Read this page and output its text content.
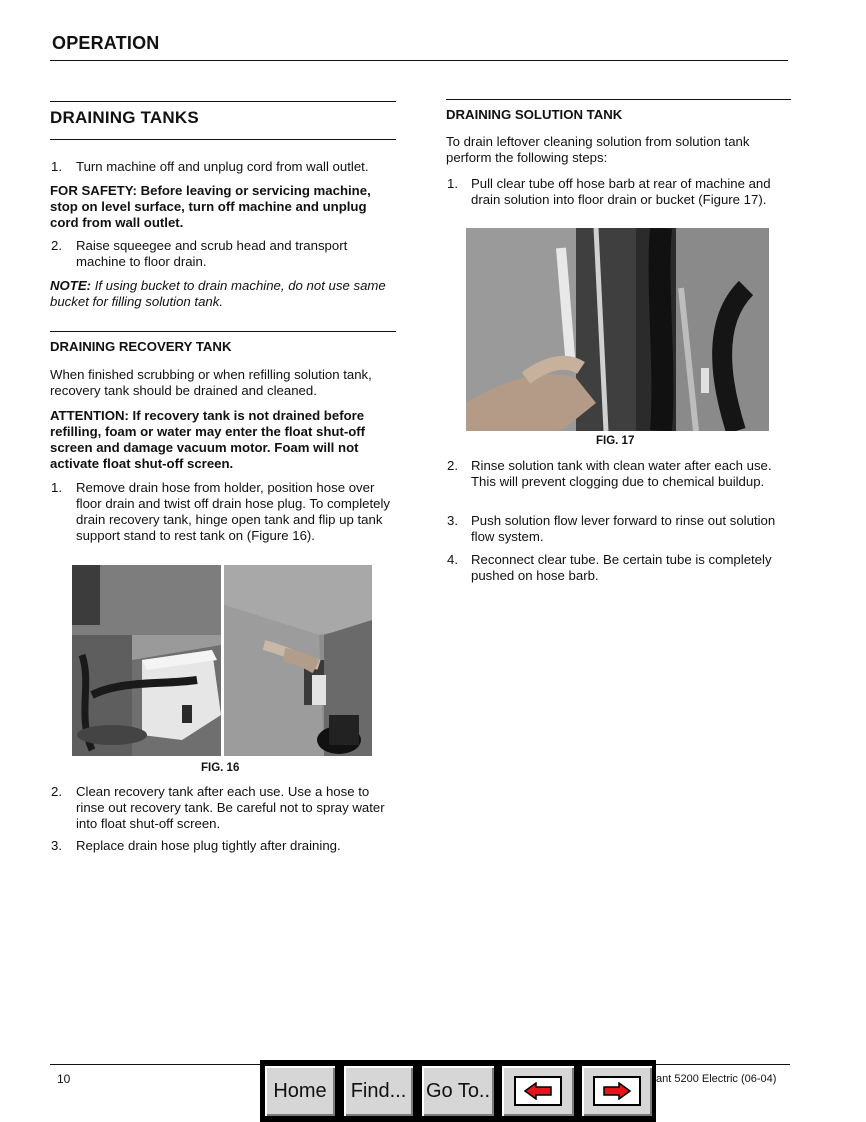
OPERATION
DRAINING TANKS
1. Turn machine off and unplug cord from wall outlet.
FOR SAFETY: Before leaving or servicing machine, stop on level surface, turn off machine and unplug cord from wall outlet.
2. Raise squeegee and scrub head and transport machine to floor drain.
NOTE: If using bucket to drain machine, do not use same bucket for filling solution tank.
DRAINING RECOVERY TANK
When finished scrubbing or when refilling solution tank, recovery tank should be drained and cleaned.
ATTENTION: If recovery tank is not drained before refilling, foam or water may enter the float shut-off screen and damage vacuum motor. Foam will not activate float shut-off screen.
1. Remove drain hose from holder, position hose over floor drain and twist off drain hose plug. To completely drain recovery tank, hinge open tank and flip up tank support stand to rest tank on (Figure 16).
FIG. 16
2. Clean recovery tank after each use. Use a hose to rinse out recovery tank. Be careful not to spray water into float shut-off screen.
3. Replace drain hose plug tightly after draining.
DRAINING SOLUTION TANK
To drain leftover cleaning solution from solution tank perform the following steps:
1. Pull clear tube off hose barb at rear of machine and drain solution into floor drain or bucket (Figure 17).
FIG. 17
2. Rinse solution tank with clean water after each use. This will prevent clogging due to chemical buildup.
3. Push solution flow lever forward to rinse out solution flow system.
4. Reconnect clear tube. Be certain tube is completely pushed on hose barb.
10	ant 5200 Electric (06-04)
Home	Find... Go To..
